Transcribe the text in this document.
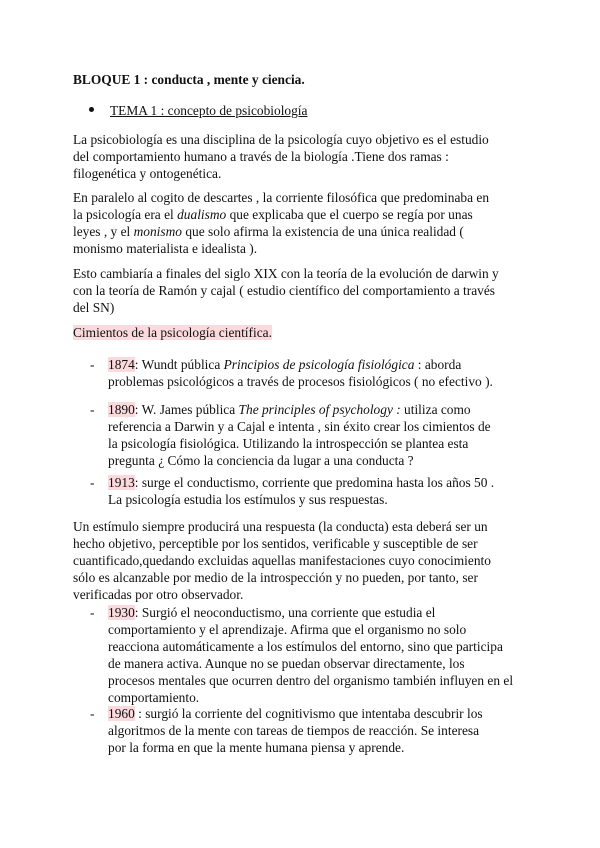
BLOQUE 1 : conducta , mente y ciencia.
TEMA 1 : concepto de psicobiología
La psicobiología es una disciplina de la psicología cuyo objetivo es el estudio
del comportamiento humano a través de la biología .Tiene dos ramas :
filogenética y ontogenética.
En paralelo al cogito de descartes , la corriente filosófica que predominaba en
la psicología era el dualismo que explicaba que el cuerpo se regía por unas
leyes , y el monismo que solo afirma la existencia de una única realidad (
monismo materialista e idealista ).
Esto cambiaría a finales del siglo XIX con la teoría de la evolución de darwin y
con la teoría de Ramón y cajal ( estudio científico del comportamiento a través
del SN)
Cimientos de la psicología científica.
- 1874: Wundt pública Principios de psicología fisiológica : aborda
problemas psicológicos a través de procesos fisiológicos ( no efectivo ).
- 1890: W. James pública The principles of psychology : utiliza como
referencia a Darwin y a Cajal e intenta , sin éxito crear los cimientos de
la psicología fisiológica. Utilizando la introspección se plantea esta
pregunta ¿ Cómo la conciencia da lugar a una conducta ?
- 1913: surge el conductismo, corriente que predomina hasta los años 50 .
La psicología estudia los estímulos y sus respuestas.
Un estímulo siempre producirá una respuesta (la conducta) esta deberá ser un
hecho objetivo, perceptible por los sentidos, verificable y susceptible de ser
cuantificado,quedando excluidas aquellas manifestaciones cuyo conocimiento
sólo es alcanzable por medio de la introspección y no pueden, por tanto, ser
verificadas por otro observador.
- 1930: Surgió el neoconductismo, una corriente que estudia el
comportamiento y el aprendizaje. Afirma que el organismo no solo
reacciona automáticamente a los estímulos del entorno, sino que participa
de manera activa. Aunque no se puedan observar directamente, los
procesos mentales que ocurren dentro del organismo también influyen en el
comportamiento.
- 1960 : surgió la corriente del cognitivismo que intentaba descubrir los
algoritmos de la mente con tareas de tiempos de reacción. Se interesa
por la forma en que la mente humana piensa y aprende.
